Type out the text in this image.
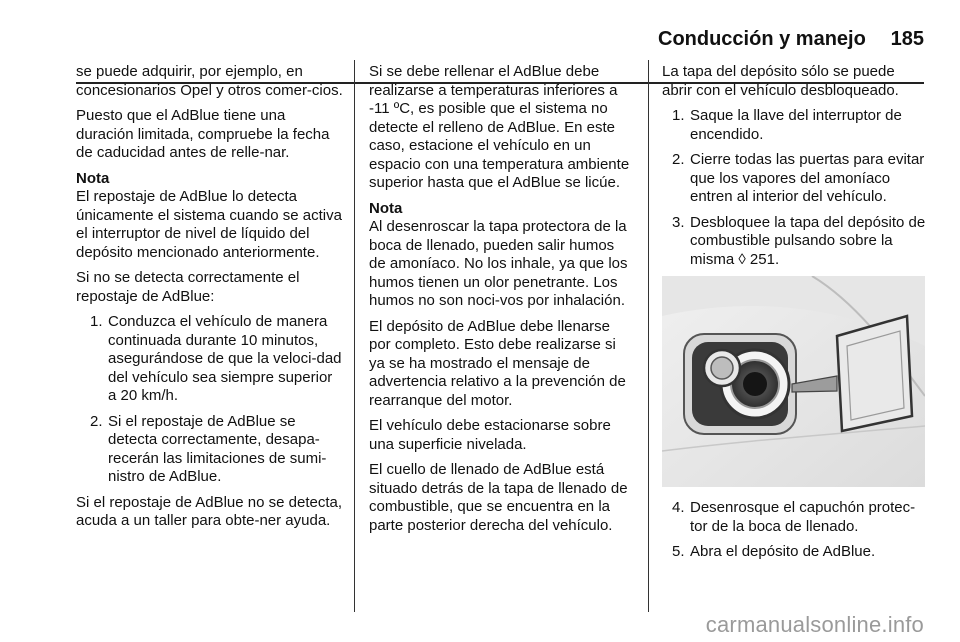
Conducción y manejo	185

se puede adquirir, por ejemplo, en concesionarios Opel y otros comer-cios.

Puesto que el AdBlue tiene una duración limitada, compruebe la fecha de caducidad antes de relle-nar.

Nota

El repostaje de AdBlue lo detecta únicamente el sistema cuando se activa el interruptor de nivel de líquido del depósito mencionado anteriormente.

Si no se detecta correctamente el repostaje de AdBlue:

1. Conduzca el vehículo de manera continuada durante 10 minutos, asegurándose de que la veloci-dad del vehículo sea siempre superior a 20 km/h.
2. Si el repostaje de AdBlue se detecta correctamente, desapa-recerán las limitaciones de sumi-nistro de AdBlue.

Si el repostaje de AdBlue no se detecta, acuda a un taller para obte-ner ayuda.

Si se debe rellenar el AdBlue debe realizarse a temperaturas inferiores a -11 ºC, es posible que el sistema no detecte el relleno de AdBlue. En este caso, estacione el vehículo en un espacio con una temperatura ambiente superior hasta que el AdBlue se licúe.

Nota

Al desenroscar la tapa protectora de la boca de llenado, pueden salir humos de amoníaco. No los inhale, ya que los humos tienen un olor penetrante. Los humos no son noci-vos por inhalación.

El depósito de AdBlue debe llenarse por completo. Esto debe realizarse si ya se ha mostrado el mensaje de advertencia relativo a la prevención de rearranque del motor.

El vehículo debe estacionarse sobre una superficie nivelada.

El cuello de llenado de AdBlue está situado detrás de la tapa de llenado de combustible, que se encuentra en la parte posterior derecha del vehículo.

La tapa del depósito sólo se puede abrir con el vehículo desbloqueado.

1. Saque la llave del interruptor de encendido.
2. Cierre todas las puertas para evitar que los vapores del amoníaco entren al interior del vehículo.
3. Desbloquee la tapa del depósito de combustible pulsando sobre la misma ◊ 251.
4. Desenrosque el capuchón protec-tor de la boca de llenado.
5. Abra el depósito de AdBlue.
carmanualsonline.info
